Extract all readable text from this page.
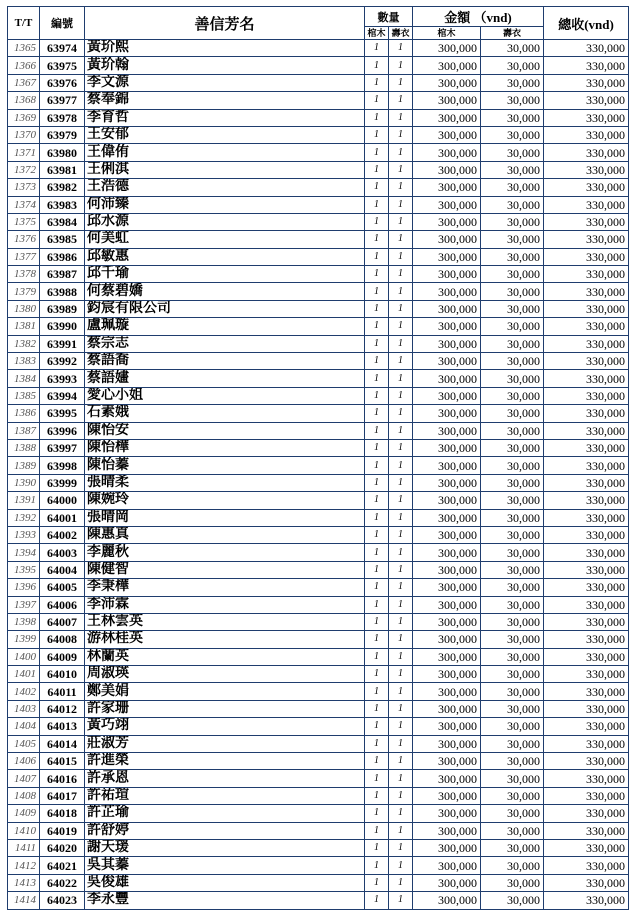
T/T	編號	善信芳名	數量		金額 （vnd)		總收(vnd)
			棺木	壽衣	棺木	壽衣	
1365	63974	黃玠熙	1	1	300,000	30,000	330,000
1366	63975	黃玠翰	1	1	300,000	30,000	330,000
1367	63976	李文源	1	1	300,000	30,000	330,000
1368	63977	蔡奉錦	1	1	300,000	30,000	330,000
1369	63978	李育哲	1	1	300,000	30,000	330,000
1370	63979	王安郁	1	1	300,000	30,000	330,000
1371	63980	王偉侑	1	1	300,000	30,000	330,000
1372	63981	王俐淇	1	1	300,000	30,000	330,000
1373	63982	王浩德	1	1	300,000	30,000	330,000
1374	63983	何沛臻	1	1	300,000	30,000	330,000
1375	63984	邱水源	1	1	300,000	30,000	330,000
1376	63985	何美虹	1	1	300,000	30,000	330,000
1377	63986	邱敏惠	1	1	300,000	30,000	330,000
1378	63987	邱千瑜	1	1	300,000	30,000	330,000
1379	63988	何蔡碧嬌	1	1	300,000	30,000	330,000
1380	63989	鈞宸有限公司	1	1	300,000	30,000	330,000
1381	63990	盧珮璇	1	1	300,000	30,000	330,000
1382	63991	蔡宗志	1	1	300,000	30,000	330,000
1383	63992	蔡語喬	1	1	300,000	30,000	330,000
1384	63993	蔡語嫿	1	1	300,000	30,000	330,000
1385	63994	愛心小姐	1	1	300,000	30,000	330,000
1386	63995	石素娥	1	1	300,000	30,000	330,000
1387	63996	陳怡安	1	1	300,000	30,000	330,000
1388	63997	陳怡樺	1	1	300,000	30,000	330,000
1389	63998	陳怡蓁	1	1	300,000	30,000	330,000
1390	63999	張晴柔	1	1	300,000	30,000	330,000
1391	64000	陳婉玲	1	1	300,000	30,000	330,000
1392	64001	張晴岡	1	1	300,000	30,000	330,000
1393	64002	陳惠真	1	1	300,000	30,000	330,000
1394	64003	李麗秋	1	1	300,000	30,000	330,000
1395	64004	陳健智	1	1	300,000	30,000	330,000
1396	64005	李秉樺	1	1	300,000	30,000	330,000
1397	64006	李沛霖	1	1	300,000	30,000	330,000
1398	64007	王林雲英	1	1	300,000	30,000	330,000
1399	64008	游林桂英	1	1	300,000	30,000	330,000
1400	64009	林蘭英	1	1	300,000	30,000	330,000
1401	64010	周淑瑛	1	1	300,000	30,000	330,000
1402	64011	鄭美娟	1	1	300,000	30,000	330,000
1403	64012	許家珊	1	1	300,000	30,000	330,000
1404	64013	黃巧翊	1	1	300,000	30,000	330,000
1405	64014	莊淑芳	1	1	300,000	30,000	330,000
1406	64015	許進榮	1	1	300,000	30,000	330,000
1407	64016	許承恩	1	1	300,000	30,000	330,000
1408	64017	許祐瑄	1	1	300,000	30,000	330,000
1409	64018	許芷瑜	1	1	300,000	30,000	330,000
1410	64019	許舒婷	1	1	300,000	30,000	330,000
1411	64020	謝天瑗	1	1	300,000	30,000	330,000
1412	64021	吳其蓁	1	1	300,000	30,000	330,000
1413	64022	吳俊雄	1	1	300,000	30,000	330,000
1414	64023	李永豐	1	1	300,000	30,000	330,000
